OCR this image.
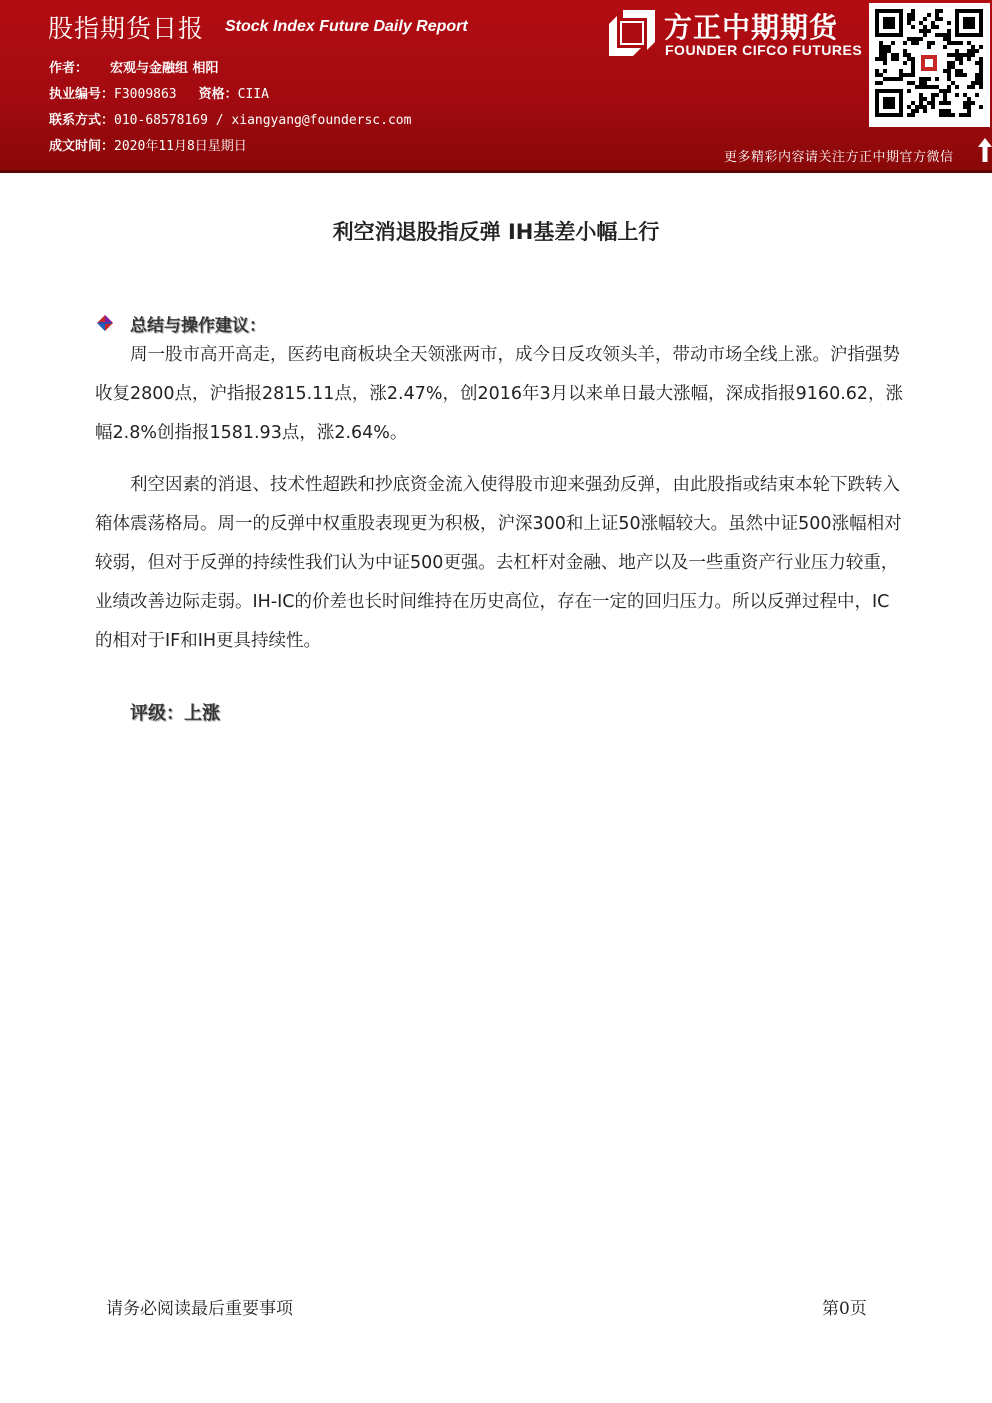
股指期货日报 Stock Index Future Daily Report
作者： 宏观与金融组 相阳
执业编号：F3009863 资格：CIIA
联系方式：010-68578169 / xiangyang@foundersc.com
成文时间：2020年11月8日星期日
方正中期期货
FOUNDER CIFCO FUTURES
更多精彩内容请关注方正中期官方微信
利空消退股指反弹 IH基差小幅上行
总结与操作建议：

周一股市高开高走，医药电商板块全天领涨两市，成今日反攻领头羊，带动市场全线上涨。沪指强势收复2800点，沪指报2815.11点，涨2.47%，创2016年3月以来单日最大涨幅，深成指报9160.62，涨幅2.8%创指报1581.93点，涨2.64%。

利空因素的消退、技术性超跌和抄底资金流入使得股市迎来强劲反弹，由此股指或结束本轮下跌转入箱体震荡格局。周一的反弹中权重股表现更为积极，沪深300和上证50涨幅较大。虽然中证500涨幅相对较弱，但对于反弹的持续性我们认为中证500更强。去杠杆对金融、地产以及一些重资产行业压力较重，业绩改善边际走弱。IH-IC的价差也长时间维持在历史高位，存在一定的回归压力。所以反弹过程中，IC的相对于IF和IH更具持续性。

评级：上涨
请务必阅读最后重要事项	第0页
